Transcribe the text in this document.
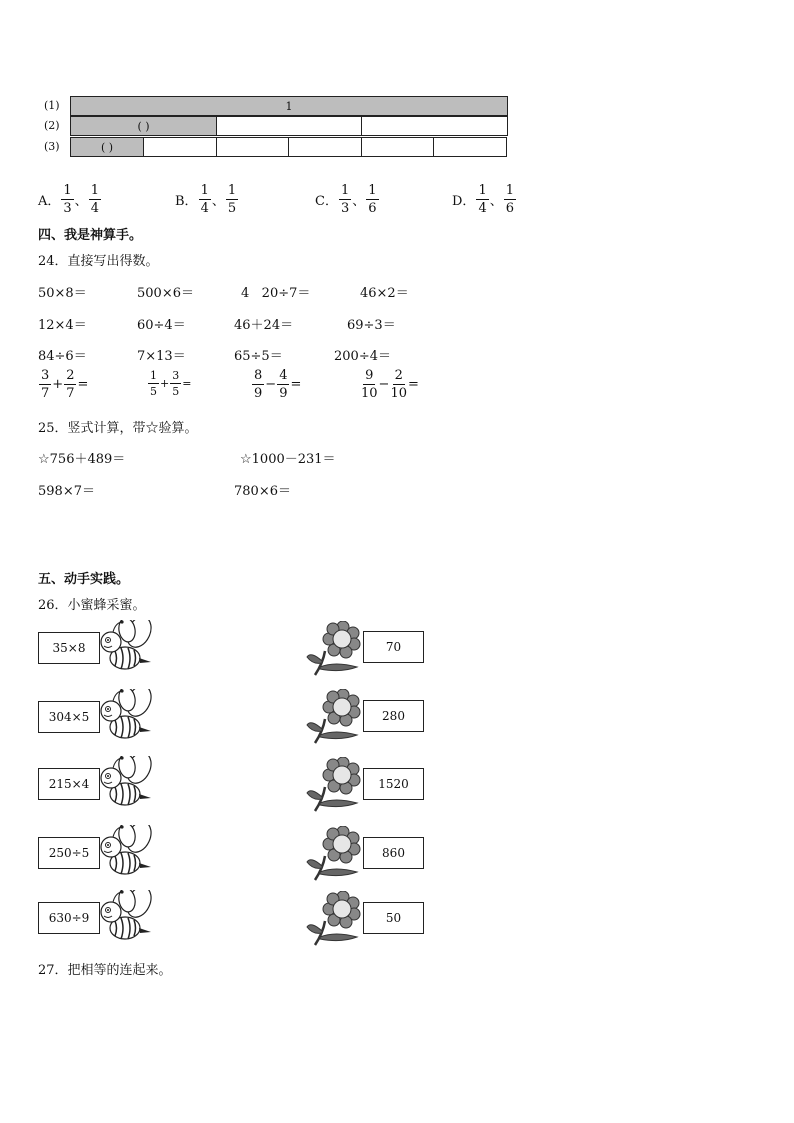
(1)
(2)
(3)
1
( )
( )
A． $\frac{1}{3}$ 、 $\frac{1}{4}$	B． $\frac{1}{4}$ 、 $\frac{1}{5}$	C． $\frac{1}{3}$ 、 $\frac{1}{6}$	D． $\frac{1}{4}$ 、 $\frac{1}{6}$
四、我是神算手。
24．直接写出得数。
50×8＝	500×6＝	4   20÷7＝	46×2＝
12×4＝	60÷4＝	46＋24＝	69÷3＝
84÷6＝	7×13＝	65÷5＝	200÷4＝
$\frac{3}{7} + \frac{2}{7}$ =	$\frac{1}{5} + \frac{3}{5}$ =	$\frac{8}{9} - \frac{4}{9}$ =	$\frac{9}{10} - \frac{2}{10}$ =
25．竖式计算，带☆验算。
☆756＋489＝	☆1000－231＝
598×7＝	780×6＝
五、动手实践。
26．小蜜蜂采蜜。
35×8	70
304×5	280
215×4	1520
250÷5	860
630÷9	50
27．把相等的连起来。
